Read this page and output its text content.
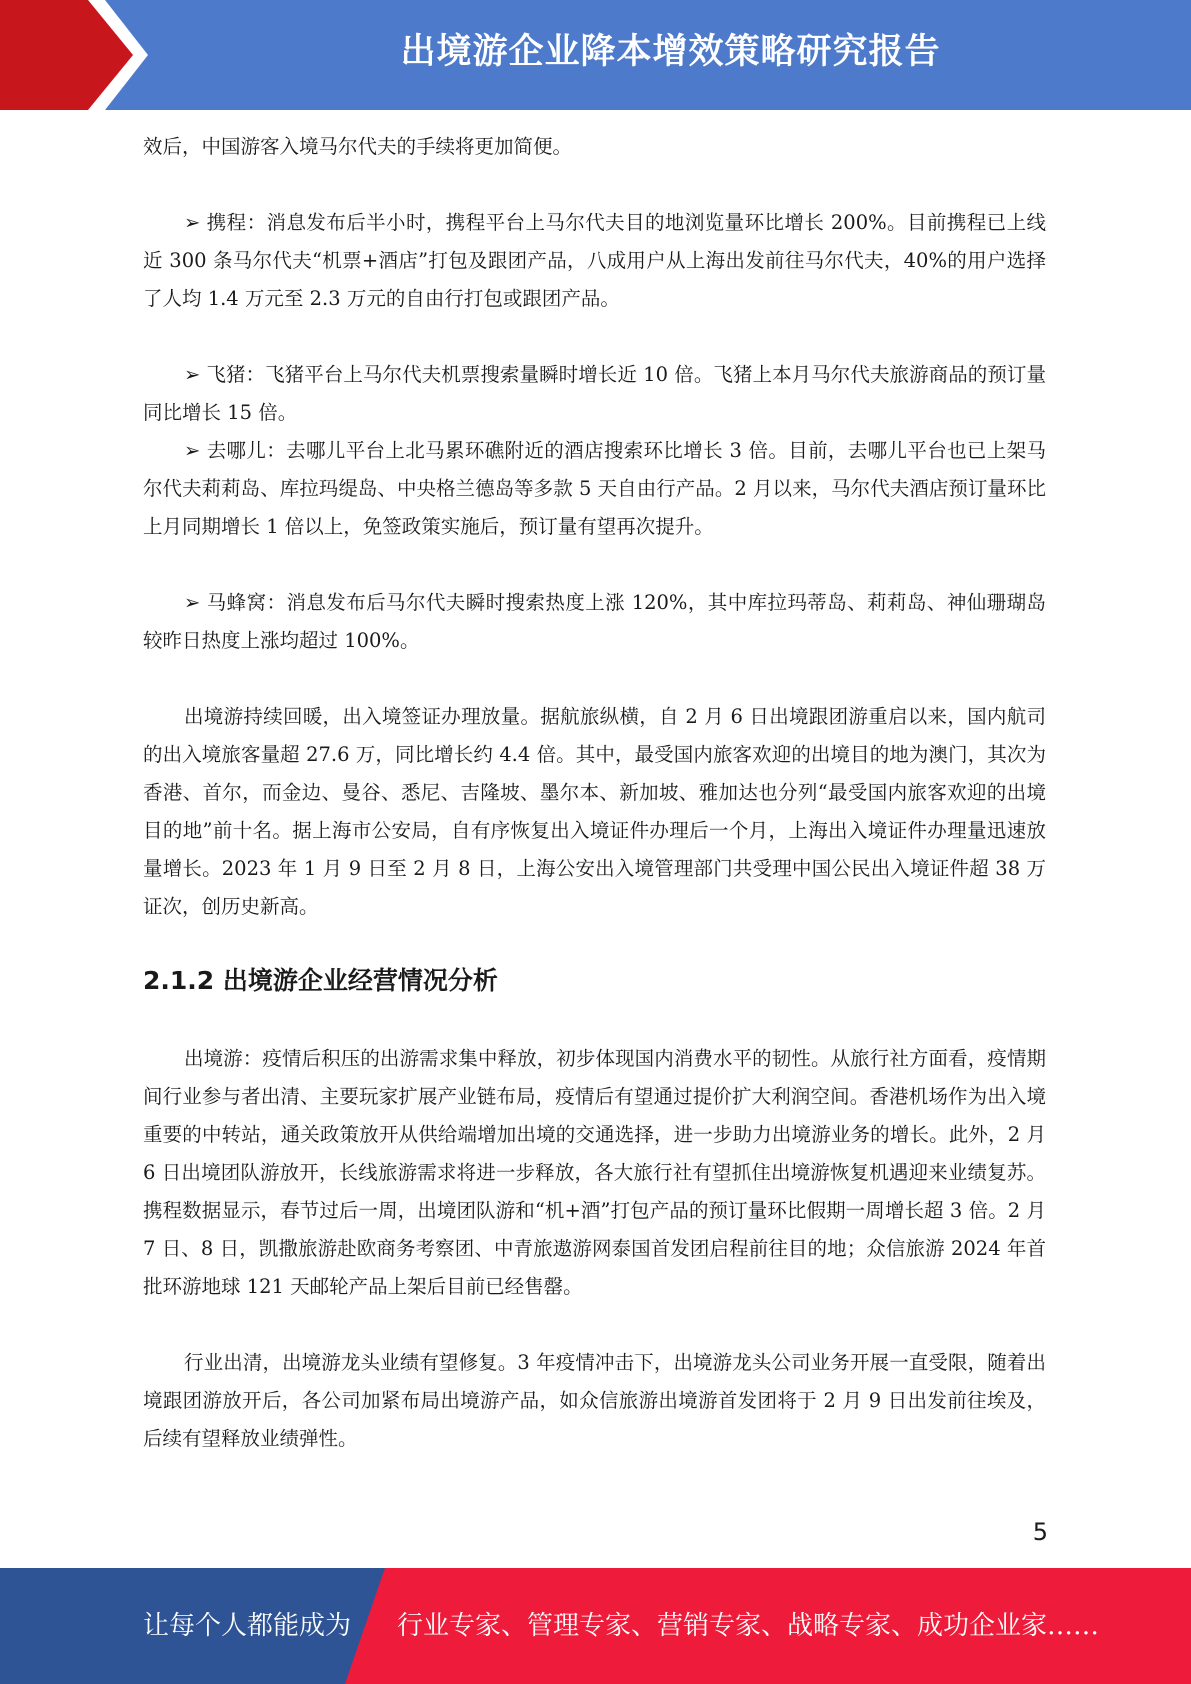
出境游企业降本增效策略研究报告

效后，中国游客入境马尔代夫的手续将更加简便。

➢ 携程：消息发布后半小时，携程平台上马尔代夫目的地浏览量环比增长 200%。目前携程已上线近 300 条马尔代夫“机票+酒店”打包及跟团产品，八成用户从上海出发前往马尔代夫，40%的用户选择了人均 1.4 万元至 2.3 万元的自由行打包或跟团产品。

➢ 飞猪：飞猪平台上马尔代夫机票搜索量瞬时增长近 10 倍。飞猪上本月马尔代夫旅游商品的预订量同比增长 15 倍。

➢ 去哪儿：去哪儿平台上北马累环礁附近的酒店搜索环比增长 3 倍。目前，去哪儿平台也已上架马尔代夫莉莉岛、库拉玛缇岛、中央格兰德岛等多款 5 天自由行产品。2 月以来，马尔代夫酒店预订量环比上月同期增长 1 倍以上，免签政策实施后，预订量有望再次提升。

➢ 马蜂窝：消息发布后马尔代夫瞬时搜索热度上涨 120%，其中库拉玛蒂岛、莉莉岛、神仙珊瑚岛较昨日热度上涨均超过 100%。

出境游持续回暖，出入境签证办理放量。据航旅纵横，自 2 月 6 日出境跟团游重启以来，国内航司的出入境旅客量超 27.6 万，同比增长约 4.4 倍。其中，最受国内旅客欢迎的出境目的地为澳门，其次为香港、首尔，而金边、曼谷、悉尼、吉隆坡、墨尔本、新加坡、雅加达也分列“最受国内旅客欢迎的出境目的地”前十名。据上海市公安局，自有序恢复出入境证件办理后一个月，上海出入境证件办理量迅速放量增长。2023 年 1 月 9 日至 2 月 8 日，上海公安出入境管理部门共受理中国公民出入境证件超 38 万证次，创历史新高。

2.1.2 出境游企业经营情况分析

出境游：疫情后积压的出游需求集中释放，初步体现国内消费水平的韧性。从旅行社方面看，疫情期间行业参与者出清、主要玩家扩展产业链布局，疫情后有望通过提价扩大利润空间。香港机场作为出入境重要的中转站，通关政策放开从供给端增加出境的交通选择，进一步助力出境游业务的增长。此外，2 月 6 日出境团队游放开，长线旅游需求将进一步释放，各大旅行社有望抓住出境游恢复机遇迎来业绩复苏。携程数据显示，春节过后一周，出境团队游和“机+酒”打包产品的预订量环比假期一周增长超 3 倍。2 月 7 日、8 日，凯撒旅游赴欧商务考察团、中青旅遨游网泰国首发团启程前往目的地；众信旅游 2024 年首批环游地球 121 天邮轮产品上架后目前已经售罄。

行业出清，出境游龙头业绩有望修复。3 年疫情冲击下，出境游龙头公司业务开展一直受限，随着出境跟团游放开后，各公司加紧布局出境游产品，如众信旅游出境游首发团将于 2 月 9 日出发前往埃及，后续有望释放业绩弹性。

5
让每个人都能成为 行业专家、管理专家、营销专家、战略专家、成功企业家……
